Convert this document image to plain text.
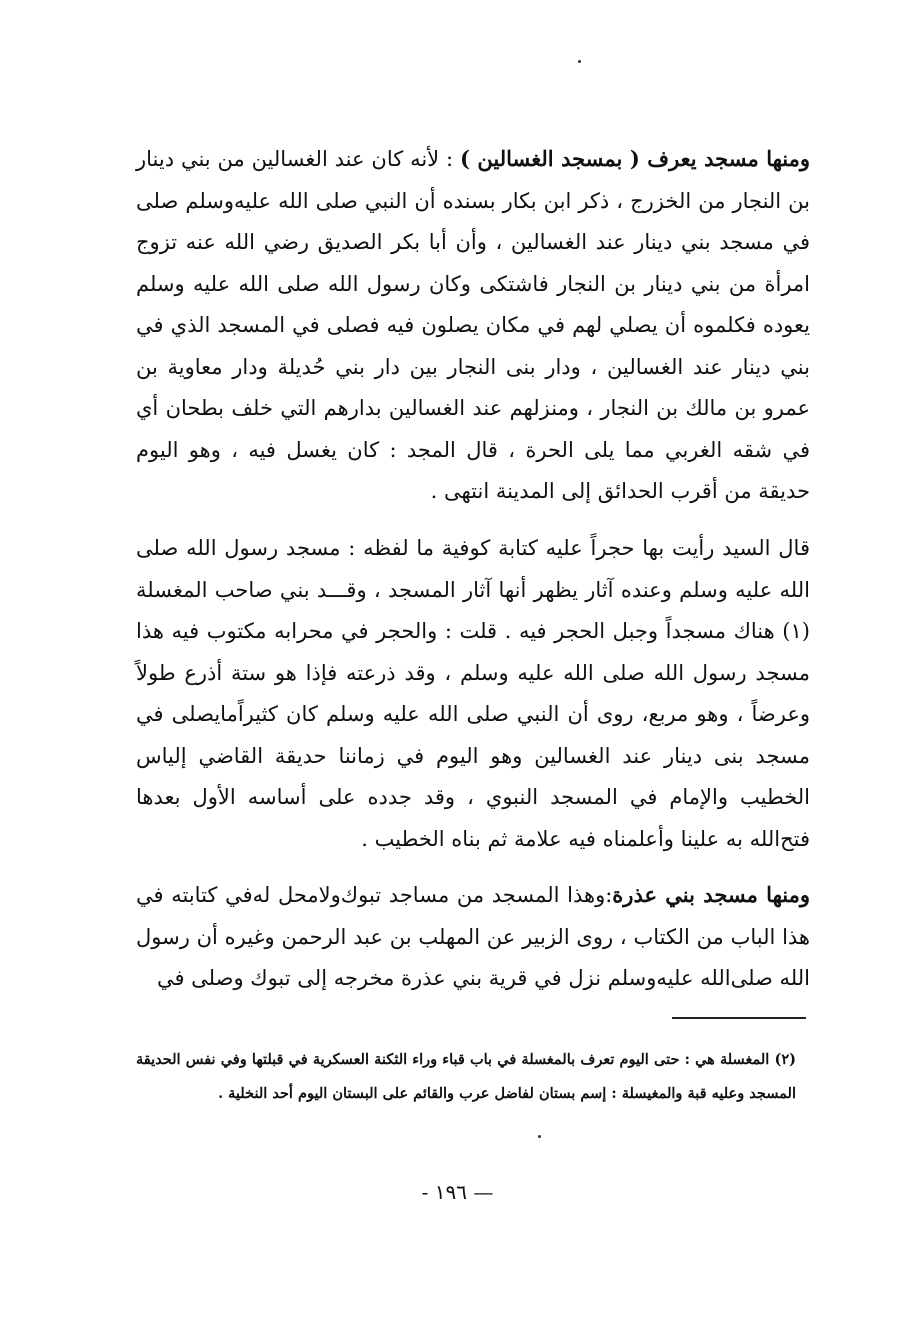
ومنها مسجد يعرف ( بمسجد الغسالين ) : لأنه كان عند الغسالين من بني دينار بن النجار من الخزرج ، ذكر ابن بكار بسنده أن النبي صلى الله عليه‌وسلم صلى في مسجد بني دينار عند الغسالين ، وأن أبا بكر الصديق رضي الله عنه تزوج امرأة من بني دينار بن النجار فاشتكى وكان رسول الله صلى الله عليه وسلم يعوده فكلموه أن يصلي لهم في مكان يصلون فيه فصلى في المسجد الذي في بني دينار عند الغسالين ، ودار بنى النجار بين دار بني حُديلة ودار معاوية بن عمرو بن مالك بن النجار ، ومنزلهم عند الغسالين بدارهم التي خلف بطحان أي في شقه الغربي مما يلى الحرة ، قال المجد : كان يغسل فيه ، وهو اليوم حديقة من أقرب الحدائق إلى المدينة انتهى .
قال السيد رأيت بها حجراً عليه كتابة كوفية ما لفظه : مسجد رسول الله صلى الله عليه وسلم وعنده آثار يظهر أنها آثار المسجد ، وقـــد بني صاحب المغسلة (١) هناك مسجداً وجبل الحجر فيه . قلت : والحجر في محرابه مكتوب فيه هذا مسجد رسول الله صلى الله عليه وسلم ، وقد ذرعته فإذا هو ستة أذرع طولاً وعرضاً ، وهو مربع، روى أن النبي صلى الله عليه وسلم كان كثيراًمايصلى في مسجد بنى دينار عند الغسالين وهو اليوم في زماننا حديقة القاضي إلياس الخطيب والإمام في المسجد النبوي ، وقد جدده على أساسه الأول بعدها فتح‌الله به علينا وأعلمناه فيه علامة ثم بناه الخطيب .
ومنها مسجد بني عذرة:وهذا المسجد من مساجد تبوك‌ولامحل له‌في كتابته في هذا الباب من الكتاب ، روى الزبير عن المهلب بن عبد الرحمن وغيره أن رسول الله صلى‌الله عليه‌وسلم نزل في قرية بني عذرة مخرجه إلى تبوك وصلى في
(٢) المغسلة هي : حتى اليوم تعرف بالمغسلة في باب قباء وراء الثكنة العسكرية في قبلتها وفي نفس الحديقة المسجد وعليه قبة والمغيسلة : إسم بستان لفاضل عرب والقائم على البستان اليوم أحد النخلية .
— ١٩٦ -
